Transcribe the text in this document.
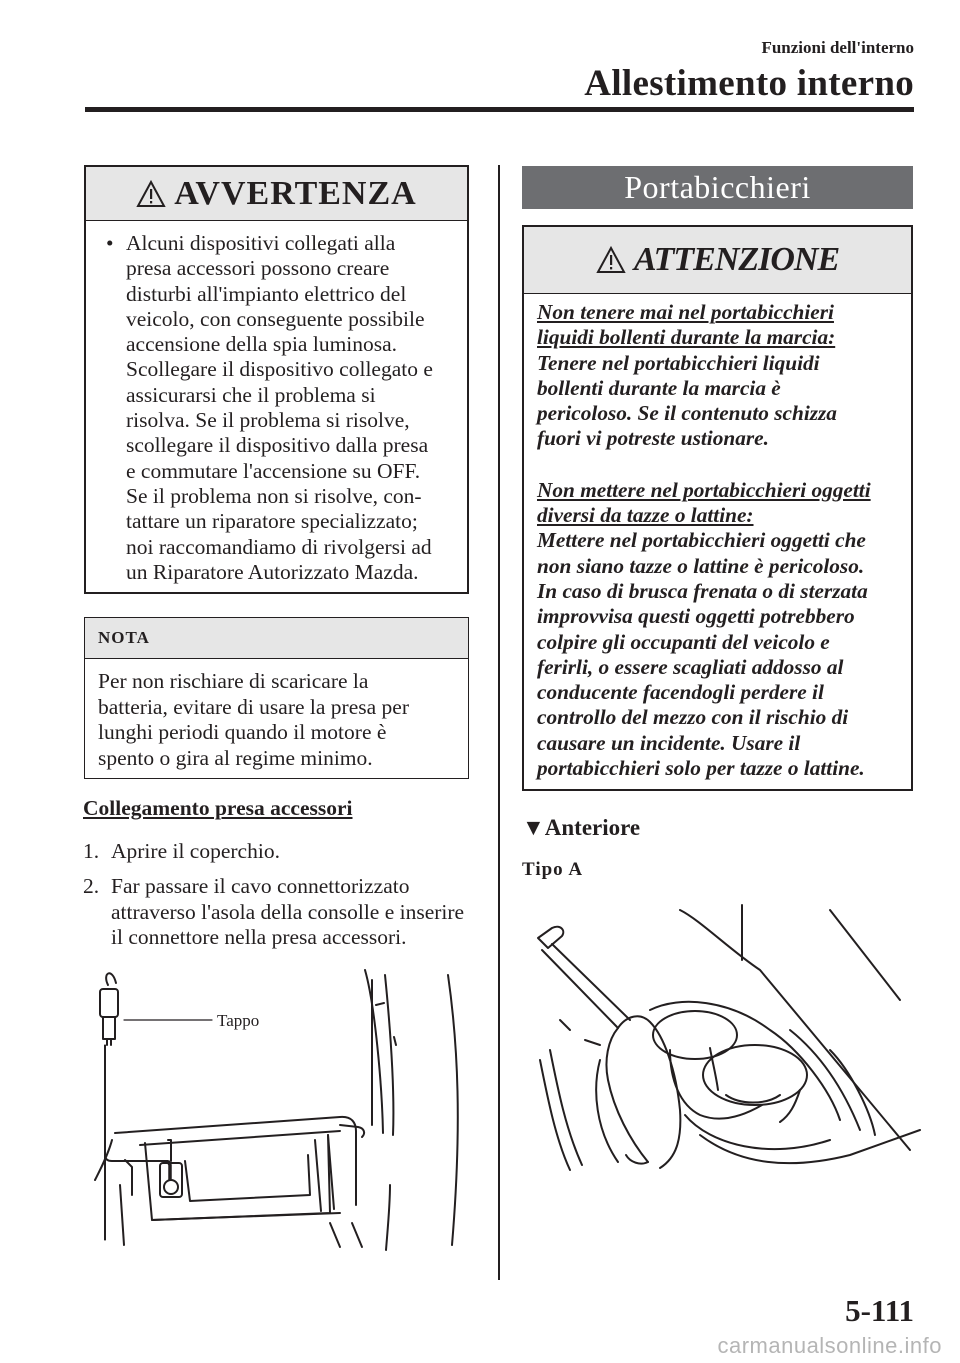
Funzioni dell'interno
Allestimento interno
AVVERTENZA
• Alcuni dispositivi collegati alla
presa accessori possono creare
disturbi all'impianto elettrico del
veicolo, con conseguente possibile
accensione della spia luminosa.
Scollegare il dispositivo collegato e
assicurarsi che il problema si
risolva. Se il problema si risolve,
scollegare il dispositivo dalla presa
e commutare l'accensione su OFF.
Se il problema non si risolve, con-
tattare un riparatore specializzato;
noi raccomandiamo di rivolgersi ad
un Riparatore Autorizzato Mazda.
NOTA
Per non rischiare di scaricare la
batteria, evitare di usare la presa per
lunghi periodi quando il motore è
spento o gira al regime minimo.
Collegamento presa accessori
1. Aprire il coperchio.
2. Far passare il cavo connettorizzato
attraverso l'asola della consolle e inserire
il connettore nella presa accessori.
Tappo
Portabicchieri
ATTENZIONE
Non tenere mai nel portabicchieri
liquidi bollenti durante la marcia:
Tenere nel portabicchieri liquidi
bollenti durante la marcia è
pericoloso. Se il contenuto schizza
fuori vi potreste ustionare.
Non mettere nel portabicchieri oggetti
diversi da tazze o lattine:
Mettere nel portabicchieri oggetti che
non siano tazze o lattine è pericoloso.
In caso di brusca frenata o di sterzata
improvvisa questi oggetti potrebbero
colpire gli occupanti del veicolo e
ferirli, o essere scagliati addosso al
conducente facendogli perdere il
controllo del mezzo con il rischio di
causare un incidente. Usare il
portabicchieri solo per tazze o lattine.
▼Anteriore
Tipo A
5-111
carmanualsonline.info
